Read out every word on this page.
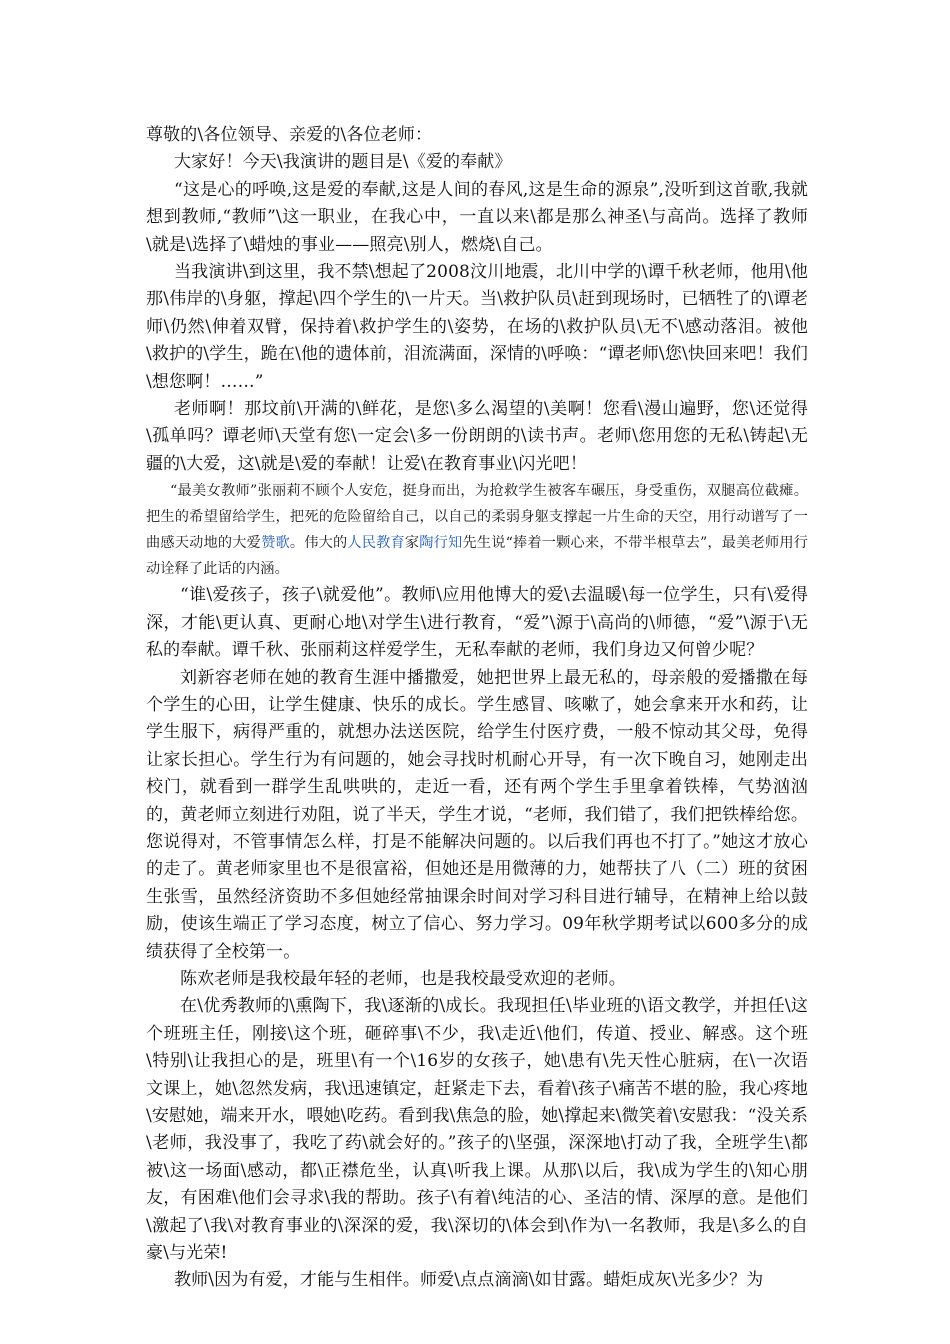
尊敬的\各位领导、亲爱的\各位老师：

大家好！今天\我演讲的题目是\《爱的奉献》

“这是心的呼唤,这是爱的奉献,这是人间的春风,这是生命的源泉”,没听到这首歌,我就想到教师,“教师”\这一职业，在我心中，一直以来\都是那么神圣\与高尚。选择了教师\就是\选择了\蜡烛的事业——照亮\别人，燃烧\自己。

当我演讲\到这里，我不禁\想起了2008汶川地震，北川中学的\谭千秋老师，他用\他那\伟岸的\身躯，撑起\四个学生的\一片天。当\救护队员\赶到现场时，已牺牲了的\谭老师\仍然\伸着双臂，保持着\救护学生的\姿势，在场的\救护队员\无不\感动落泪。被他\救护的\学生，跪在\他的遗体前，泪流满面，深情的\呼唤：“谭老师\您\快回来吧！我们\想您啊！……”

老师啊！那坟前\开满的\鲜花，是您\多么渴望的\美啊！您看\漫山遍野，您\还觉得\孤单吗？谭老师\天堂有您\一定会\多一份朗朗的\读书声。老师\您用您的无私\铸起\无疆的\大爱，这\就是\爱的奉献！让爱\在教育事业\闪光吧！

“最美女教师”张丽莉不顾个人安危，挺身而出，为抢救学生被客车碾压，身受重伤，双腿高位截瘫。把生的希望留给学生，把死的危险留给自己，以自己的柔弱身躯支撑起一片生命的天空，用行动谱写了一曲感天动地的大爱赞歌。伟大的人民教育家陶行知先生说“捧着一颗心来，不带半根草去”，最美老师用行动诠释了此话的内涵。

“谁\爱孩子，孩子\就爱他”。教师\应用他博大的爱\去温暖\每一位学生，只有\爱得深，才能\更认真、更耐心地\对学生\进行教育，“爱”\源于\高尚的\师德，“爱”\源于\无私的奉献。谭千秋、张丽莉这样爱学生，无私奉献的老师，我们身边又何曾少呢？

刘新容老师在她的教育生涯中播撒爱，她把世界上最无私的，母亲般的爱播撒在每个学生的心田，让学生健康、快乐的成长。学生感冒、咳嗽了，她会拿来开水和药，让学生服下，病得严重的，就想办法送医院，给学生付医疗费，一般不惊动其父母，免得让家长担心。学生行为有问题的，她会寻找时机耐心开导，有一次下晚自习，她刚走出校门，就看到一群学生乱哄哄的，走近一看，还有两个学生手里拿着铁棒，气势汹汹的，黄老师立刻进行劝阻，说了半天，学生才说，“老师，我们错了，我们把铁棒给您。您说得对，不管事情怎么样，打是不能解决问题的。以后我们再也不打了。”她这才放心的走了。黄老师家里也不是很富裕，但她还是用微薄的力，她帮扶了八（二）班的贫困生张雪，虽然经济资助不多但她经常抽课余时间对学习科目进行辅导，在精神上给以鼓励，使该生端正了学习态度，树立了信心、努力学习。09年秋学期考试以600多分的成绩获得了全校第一。

陈欢老师是我校最年轻的老师，也是我校最受欢迎的老师。

在\优秀教师的\熏陶下，我\逐渐的\成长。我现担任\毕业班的\语文教学，并担任\这个班班主任，刚接\这个班，砸碎事\不少，我\走近\他们，传道、授业、解惑。这个班\特别\让我担心的是，班里\有一个\16岁的女孩子，她\患有\先天性心脏病，在\一次语文课上，她\忽然发病，我\迅速镇定，赶紧走下去，看着\孩子\痛苦不堪的脸，我心疼地\安慰她，端来开水，喂她\吃药。看到我\焦急的脸，她\撑起来\微笑着\安慰我：“没关系\老师，我没事了，我吃了药\就会好的。”孩子的\坚强，深深地\打动了我，全班学生\都被\这一场面\感动，都\正襟危坐，认真\听我上课。从那\以后，我\成为学生的\知心朋友，有困难\他们会寻求\我的帮助。孩子\有着\纯洁的心、圣洁的情、深厚的意。是他们\激起了\我\对教育事业的\深深的爱，我\深切的\体会到\作为\一名教师，我是\多么的自豪\与光荣!

教师\因为有爱，才能与生相伴。师爱\点点滴滴\如甘露。蜡炬成灰\光多少？为
